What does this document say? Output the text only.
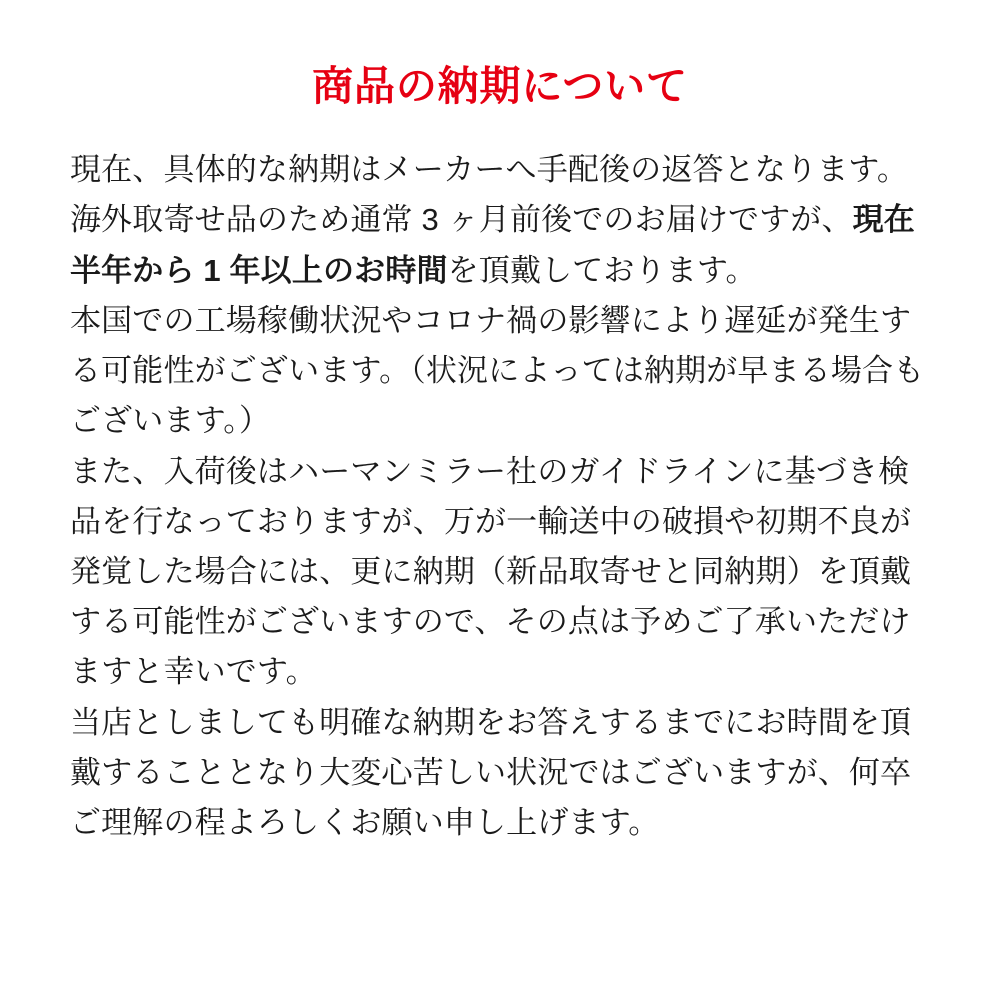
商品の納期について

現在、具体的な納期はメーカーへ手配後の返答となります。海外取寄せ品のため通常 3 ヶ月前後でのお届けですが、現在半年から 1 年以上のお時間を頂戴しております。

本国での工場稼働状況やコロナ禍の影響により遅延が発生する可能性がございます。（状況によっては納期が早まる場合もございます。）

また、入荷後はハーマンミラー社のガイドラインに基づき検品を行なっておりますが、万が一輸送中の破損や初期不良が発覚した場合には、更に納期（新品取寄せと同納期）を頂戴する可能性がございますので、その点は予めご了承いただけますと幸いです。

当店としましても明確な納期をお答えするまでにお時間を頂戴することとなり大変心苦しい状況ではございますが、何卒ご理解の程よろしくお願い申し上げます。
